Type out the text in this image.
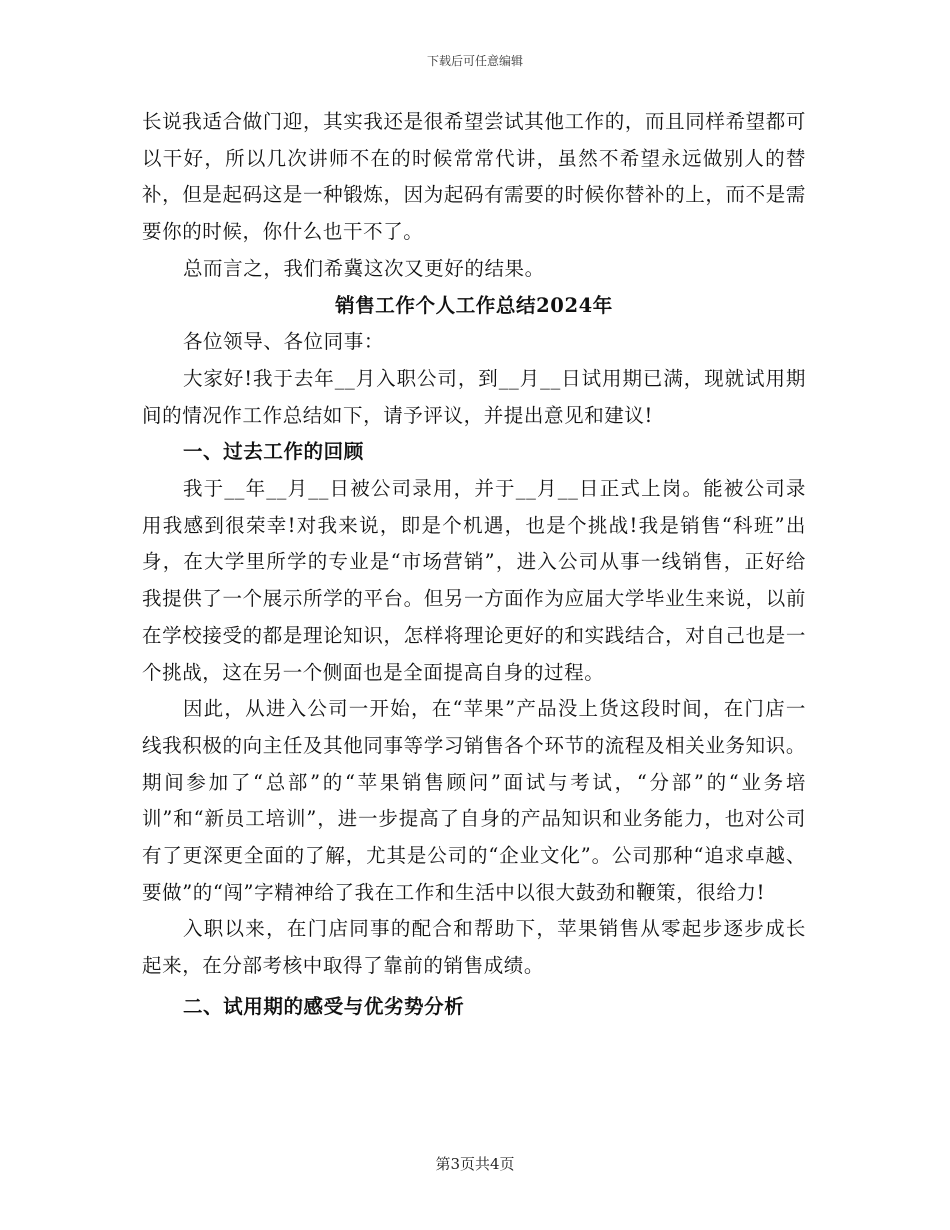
下载后可任意编辑

长说我适合做门迎，其实我还是很希望尝试其他工作的，而且同样希望都可以干好，所以几次讲师不在的时候常常代讲，虽然不希望永远做别人的替补，但是起码这是一种锻炼，因为起码有需要的时候你替补的上，而不是需要你的时候，你什么也干不了。

总而言之，我们希冀这次又更好的结果。

销售工作个人工作总结2024年

各位领导、各位同事：

大家好!我于去年__月入职公司，到__月__日试用期已满，现就试用期间的情况作工作总结如下，请予评议，并提出意见和建议!

一、过去工作的回顾

我于__年__月__日被公司录用，并于__月__日正式上岗。能被公司录用我感到很荣幸!对我来说，即是个机遇，也是个挑战!我是销售“科班”出身，在大学里所学的专业是“市场营销”，进入公司从事一线销售，正好给我提供了一个展示所学的平台。但另一方面作为应届大学毕业生来说，以前在学校接受的都是理论知识，怎样将理论更好的和实践结合，对自己也是一个挑战，这在另一个侧面也是全面提高自身的过程。

因此，从进入公司一开始，在“苹果”产品没上货这段时间，在门店一线我积极的向主任及其他同事等学习销售各个环节的流程及相关业务知识。期间参加了“总部”的“苹果销售顾问”面试与考试，“分部”的“业务培训”和“新员工培训”，进一步提高了自身的产品知识和业务能力，也对公司有了更深更全面的了解，尤其是公司的“企业文化”。公司那种“追求卓越、要做”的“闯”字精神给了我在工作和生活中以很大鼓劲和鞭策，很给力!

入职以来，在门店同事的配合和帮助下，苹果销售从零起步逐步成长起来，在分部考核中取得了靠前的销售成绩。

二、试用期的感受与优劣势分析
第3页共4页
